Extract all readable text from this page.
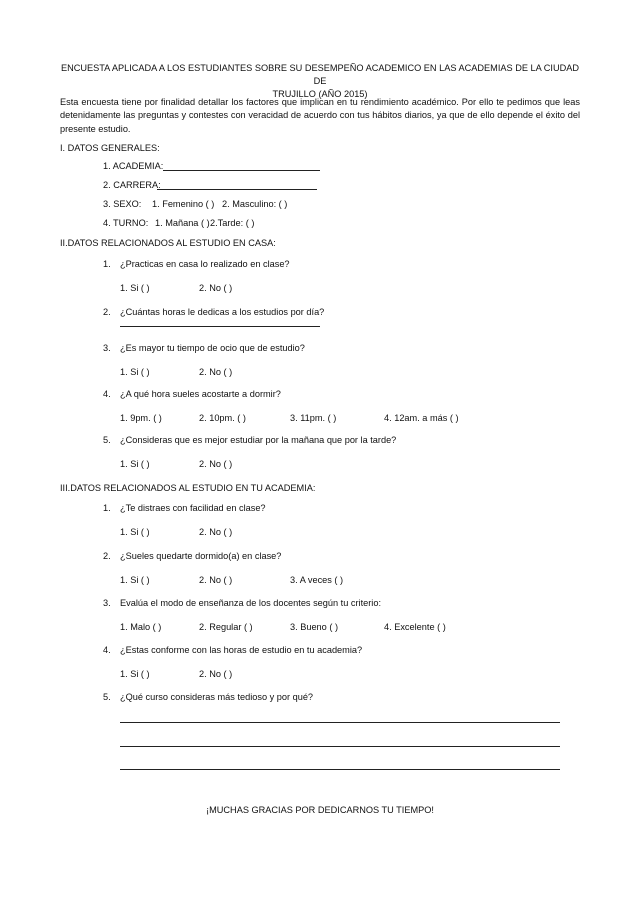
ENCUESTA APLICADA A LOS ESTUDIANTES SOBRE SU DESEMPEÑO ACADEMICO EN LAS ACADEMIAS DE LA CIUDAD DE
TRUJILLO (AÑO 2015)
Esta encuesta tiene por finalidad detallar los factores que implican en tu rendimiento académico. Por ello te pedimos que leas detenidamente las preguntas y contestes con veracidad de acuerdo con tus hábitos diarios, ya que de ello depende el éxito del presente estudio.
I. DATOS GENERALES:
1. ACADEMIA:
2. CARRERA:
3. SEXO: 1. Femenino ( ) 2. Masculino: ( )
4. TURNO: 1. Mañana ( ) 2.Tarde: ( )
II.DATOS RELACIONADOS AL ESTUDIO EN CASA:
1. ¿Practicas en casa lo realizado en clase?
1. Si ( )	2. No ( )
2. ¿Cuántas horas le dedicas a los estudios por día?
3. ¿Es mayor tu tiempo de ocio que de estudio?
1. Si ( )	2. No ( )
4. ¿A qué hora sueles acostarte a dormir?
1. 9pm. ( )	2. 10pm. ( )	3. 11pm. ( )	4. 12am. a más ( )
5. ¿Consideras que es mejor estudiar por la mañana que por la tarde?
1. Si ( )	2. No ( )
III.DATOS RELACIONADOS AL ESTUDIO EN TU ACADEMIA:
1. ¿Te distraes con facilidad en clase?
1. Si ( )	2. No ( )
2. ¿Sueles quedarte dormido(a) en clase?
1. Si ( )	2. No ( )	3. A veces ( )
3. Evalúa el modo de enseñanza de los docentes según tu criterio:
1. Malo ( )	2. Regular ( )	3. Bueno ( )	4. Excelente ( )
4. ¿Estas conforme con las horas de estudio en tu academia?
1. Si ( )	2. No ( )
5. ¿Qué curso consideras más tedioso y por qué?
¡MUCHAS GRACIAS POR DEDICARNOS TU TIEMPO!
